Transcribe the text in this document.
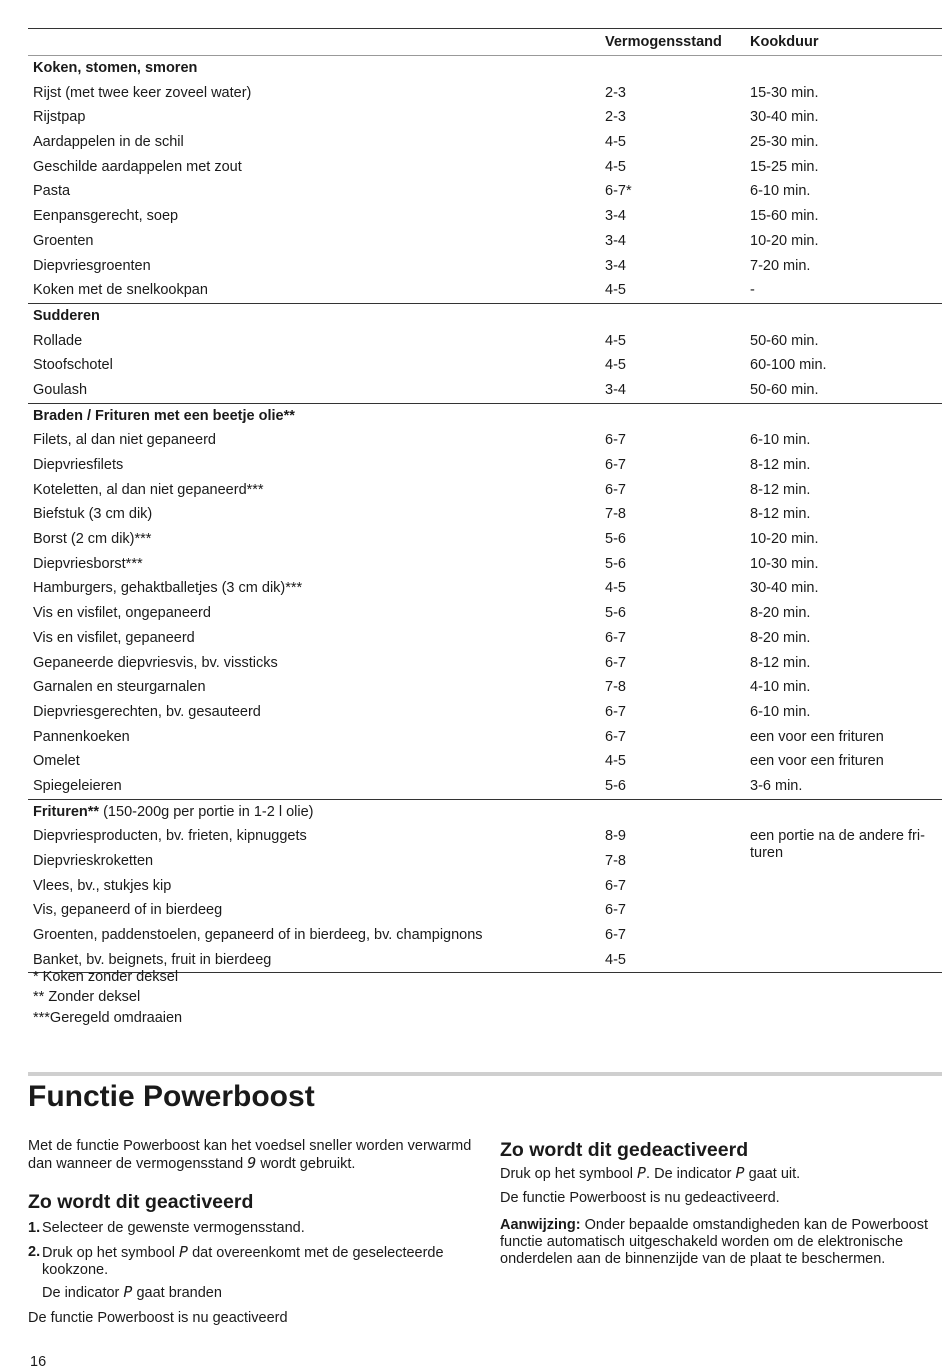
Vermogensstand Kookduur
Koken, stomen, smoren
Rijst (met twee keer zoveel water)	2-3	15-30 min.
Rijstpap	2-3	30-40 min.
Aardappelen in de schil	4-5	25-30 min.
Geschilde aardappelen met zout	4-5	15-25 min.
Pasta	6-7*	6-10 min.
Eenpansgerecht, soep	3-4	15-60 min.
Groenten	3-4	10-20 min.
Diepvriesgroenten	3-4	7-20 min.
Koken met de snelkookpan	4-5	-
Sudderen
Rollade	4-5	50-60 min.
Stoofschotel	4-5	60-100 min.
Goulash	3-4	50-60 min.
Braden / Frituren met een beetje olie**
Filets, al dan niet gepaneerd	6-7	6-10 min.
Diepvriesfilets	6-7	8-12 min.
Koteletten, al dan niet gepaneerd***	6-7	8-12 min.
Biefstuk (3 cm dik)	7-8	8-12 min.
Borst (2 cm dik)***	5-6	10-20 min.
Diepvriesborst***	5-6	10-30 min.
Hamburgers, gehaktballetjes (3 cm dik)***	4-5	30-40 min.
Vis en visfilet, ongepaneerd	5-6	8-20 min.
Vis en visfilet, gepaneerd	6-7	8-20 min.
Gepaneerde diepvriesvis, bv. vissticks	6-7	8-12 min.
Garnalen en steurgarnalen	7-8	4-10 min.
Diepvriesgerechten, bv. gesauteerd	6-7	6-10 min.
Pannenkoeken	6-7	een voor een frituren
Omelet	4-5	een voor een frituren
Spiegeleieren	5-6	3-6 min.
Frituren** (150-200g per portie in 1-2 l olie)
Diepvriesproducten, bv. frieten, kipnuggets	8-9
Diepvrieskroketten	7-8
Vlees, bv., stukjes kip	6-7
Vis, gepaneerd of in bierdeeg	6-7
Groenten, paddenstoelen, gepaneerd of in bierdeeg, bv. champignons	6-7
Banket, bv. beignets, fruit in bierdeeg	4-5
een portie na de andere fri-turen
* Koken zonder deksel
** Zonder deksel
***Geregeld omdraaien
Functie Powerboost

Met de functie Powerboost kan het voedsel sneller worden verwarmd dan wanneer de vermogensstand 9 wordt gebruikt.

Zo wordt dit geactiveerd
1. Selecteer de gewenste vermogensstand.
2. Druk op het symbool P dat overeenkomt met de geselecteerde kookzone.
De indicator P gaat branden

De functie Powerboost is nu geactiveerd

Zo wordt dit gedeactiveerd

Druk op het symbool P. De indicator P gaat uit.

De functie Powerboost is nu gedeactiveerd.

Aanwijzing: Onder bepaalde omstandigheden kan de Powerboost functie automatisch uitgeschakeld worden om de elektronische onderdelen aan de binnenzijde van de plaat te beschermen.

16
